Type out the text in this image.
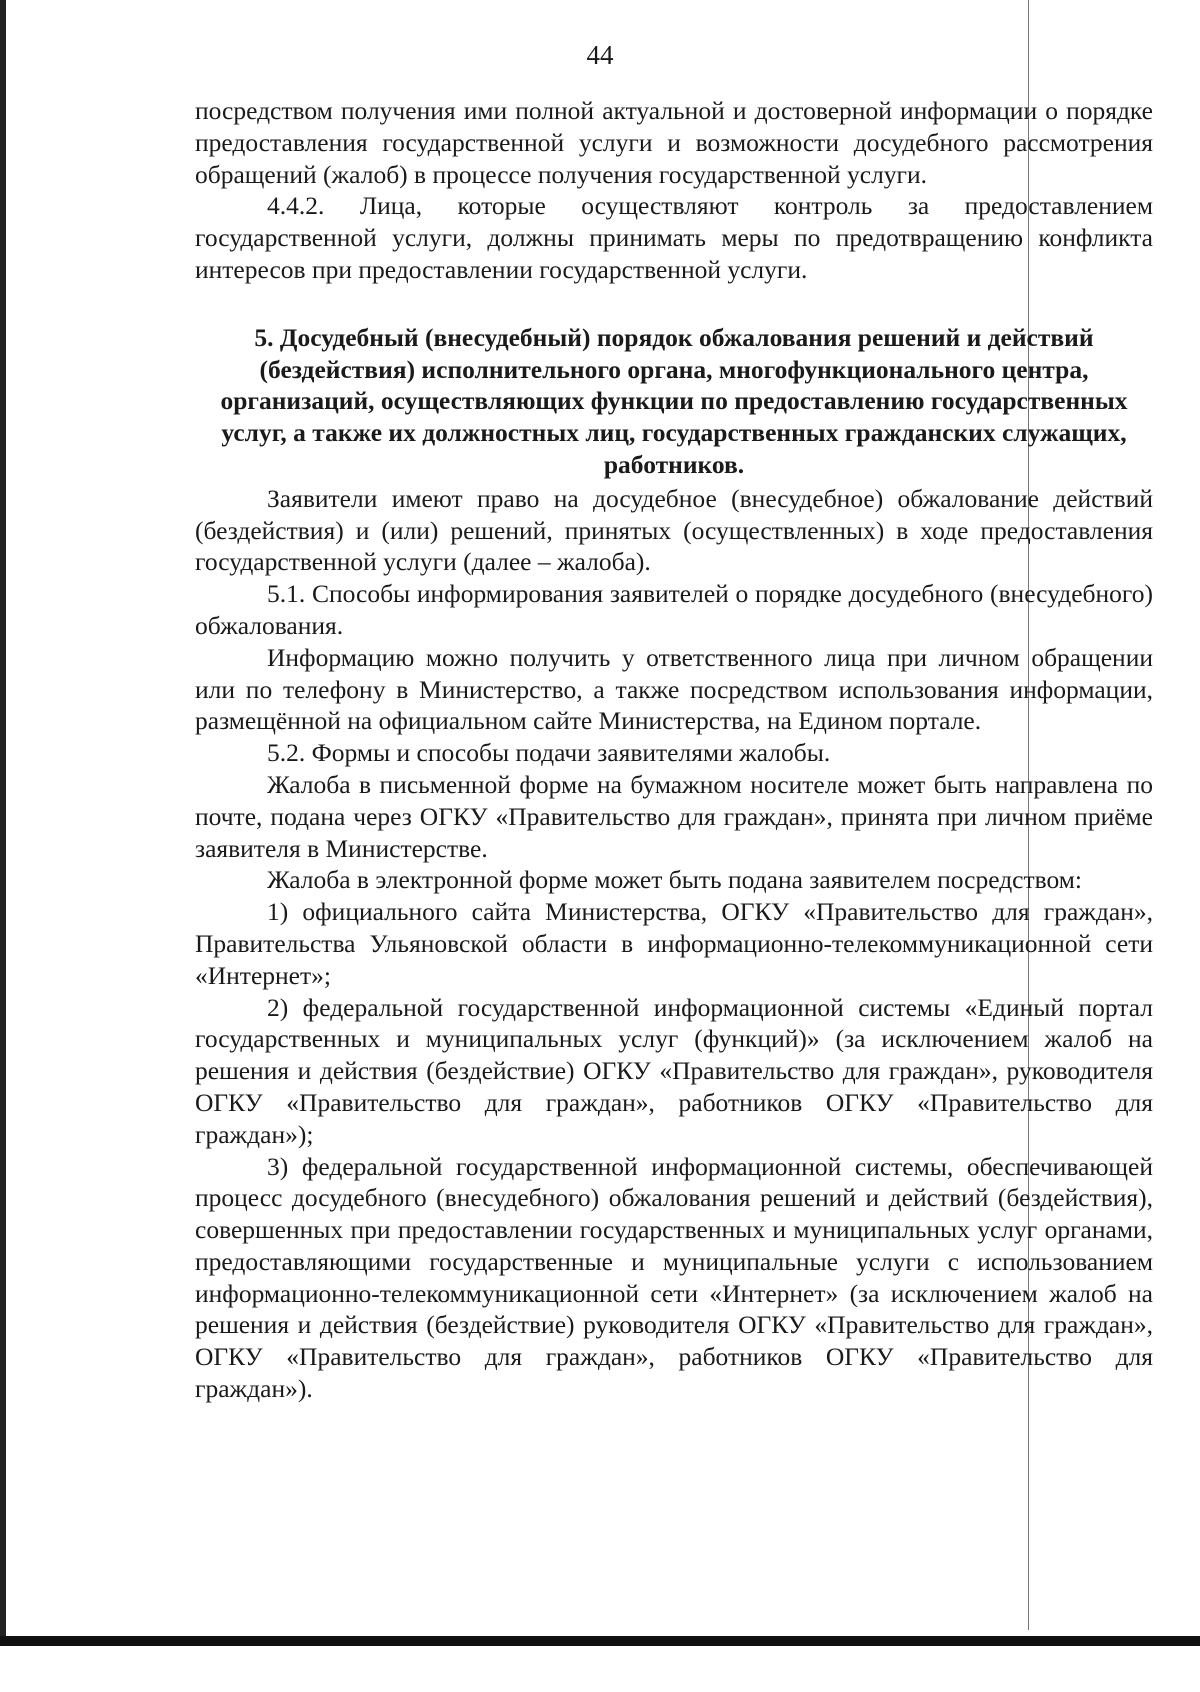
44

посредством получения ими полной актуальной и достоверной информации о порядке предоставления государственной услуги и возможности досудебного рассмотрения обращений (жалоб) в процессе получения государственной услуги.

4.4.2. Лица, которые осуществляют контроль за предоставлением государственной услуги, должны принимать меры по предотвращению конфликта интересов при предоставлении государственной услуги.

5. Досудебный (внесудебный) порядок обжалования решений и действий (бездействия) исполнительного органа, многофункционального центра, организаций, осуществляющих функции по предоставлению государственных услуг, а также их должностных лиц, государственных гражданских служащих, работников.

Заявители имеют право на досудебное (внесудебное) обжалование действий (бездействия) и (или) решений, принятых (осуществленных) в ходе предоставления государственной услуги (далее – жалоба).

5.1. Способы информирования заявителей о порядке досудебного (внесудебного) обжалования.

Информацию можно получить у ответственного лица при личном обращении или по телефону в Министерство, а также посредством использования информации, размещённой на официальном сайте Министерства, на Едином портале.

5.2. Формы и способы подачи заявителями жалобы.

Жалоба в письменной форме на бумажном носителе может быть направлена по почте, подана через ОГКУ «Правительство для граждан», принята при личном приёме заявителя в Министерстве.

Жалоба в электронной форме может быть подана заявителем посредством:

1) официального сайта Министерства, ОГКУ «Правительство для граждан», Правительства Ульяновской области в информационно-телекоммуникационной сети «Интернет»;

2) федеральной государственной информационной системы «Единый портал государственных и муниципальных услуг (функций)» (за исключением жалоб на решения и действия (бездействие) ОГКУ «Правительство для граждан», руководителя ОГКУ «Правительство для граждан», работников ОГКУ «Правительство для граждан»);

3) федеральной государственной информационной системы, обеспечивающей процесс досудебного (внесудебного) обжалования решений и действий (бездействия), совершенных при предоставлении государственных и муниципальных услуг органами, предоставляющими государственные и муниципальные услуги с использованием информационно-телекоммуникационной сети «Интернет» (за исключением жалоб на решения и действия (бездействие) руководителя ОГКУ «Правительство для граждан», ОГКУ «Правительство для граждан», работников ОГКУ «Правительство для граждан»).
